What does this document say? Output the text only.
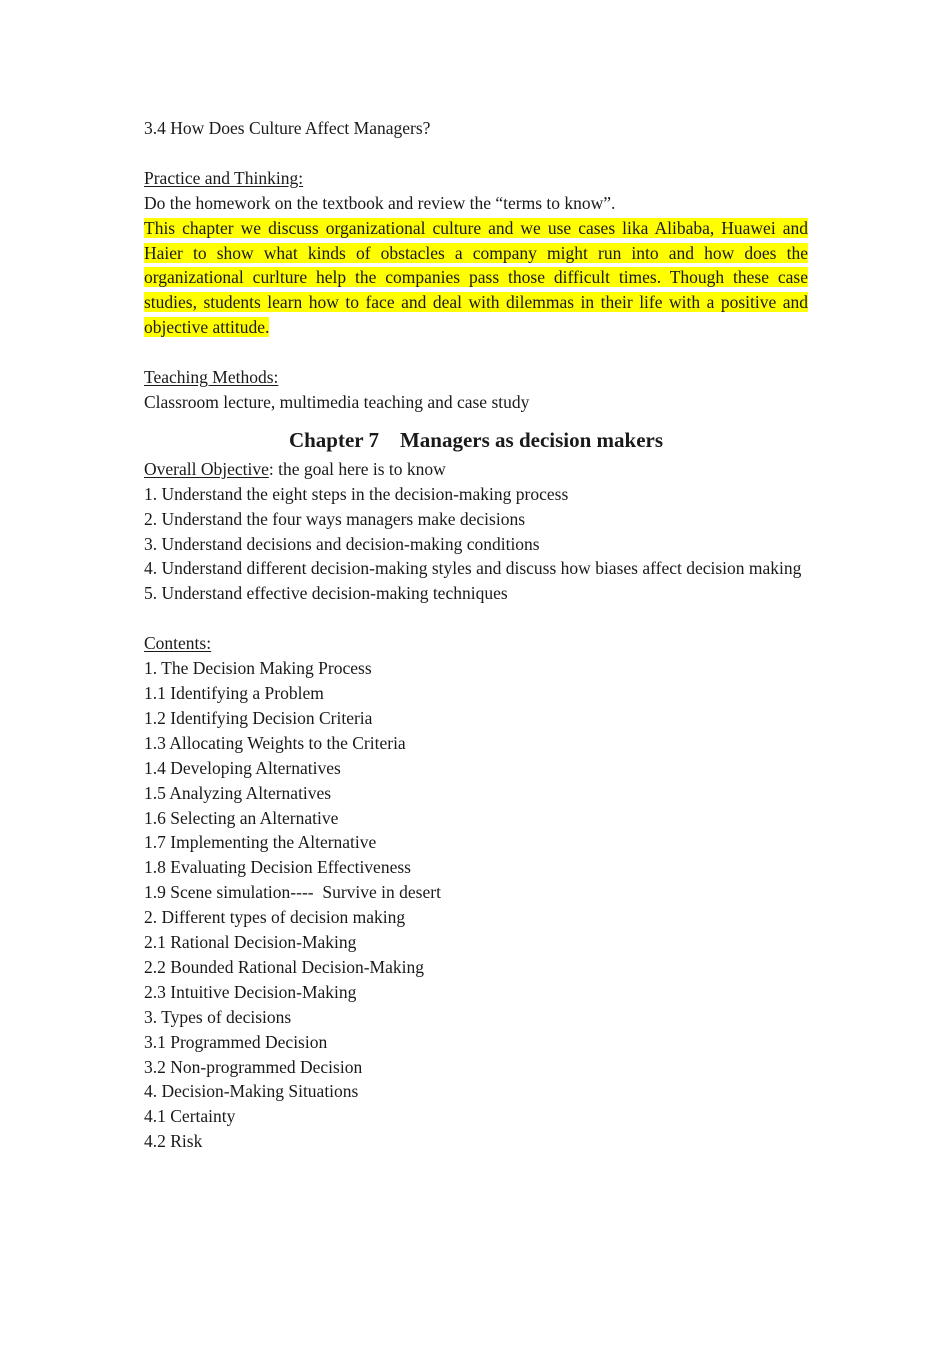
3.4 How Does Culture Affect Managers?
Practice and Thinking:
Do the homework on the textbook and review the “terms to know”.
This chapter we discuss organizational culture and we use cases lika Alibaba, Huawei and Haier to show what kinds of obstacles a company might run into and how does the organizational curlture help the companies pass those difficult times. Though these case studies, students learn how to face and deal with dilemmas in their life with a positive and objective attitude.
Teaching Methods:
Classroom lecture, multimedia teaching and case study
Chapter 7    Managers as decision makers
Overall Objective: the goal here is to know
1. Understand the eight steps in the decision-making process
2. Understand the four ways managers make decisions
3. Understand decisions and decision-making conditions
4. Understand different decision-making styles and discuss how biases affect decision making
5. Understand effective decision-making techniques
Contents:
1. The Decision Making Process
1.1 Identifying a Problem
1.2 Identifying Decision Criteria
1.3 Allocating Weights to the Criteria
1.4 Developing Alternatives
1.5 Analyzing Alternatives
1.6 Selecting an Alternative
1.7 Implementing the Alternative
1.8 Evaluating Decision Effectiveness
1.9 Scene simulation----  Survive in desert
2. Different types of decision making
2.1 Rational Decision-Making
2.2 Bounded Rational Decision-Making
2.3 Intuitive Decision-Making
3. Types of decisions
3.1 Programmed Decision
3.2 Non-programmed Decision
4. Decision-Making Situations
4.1 Certainty
4.2 Risk
